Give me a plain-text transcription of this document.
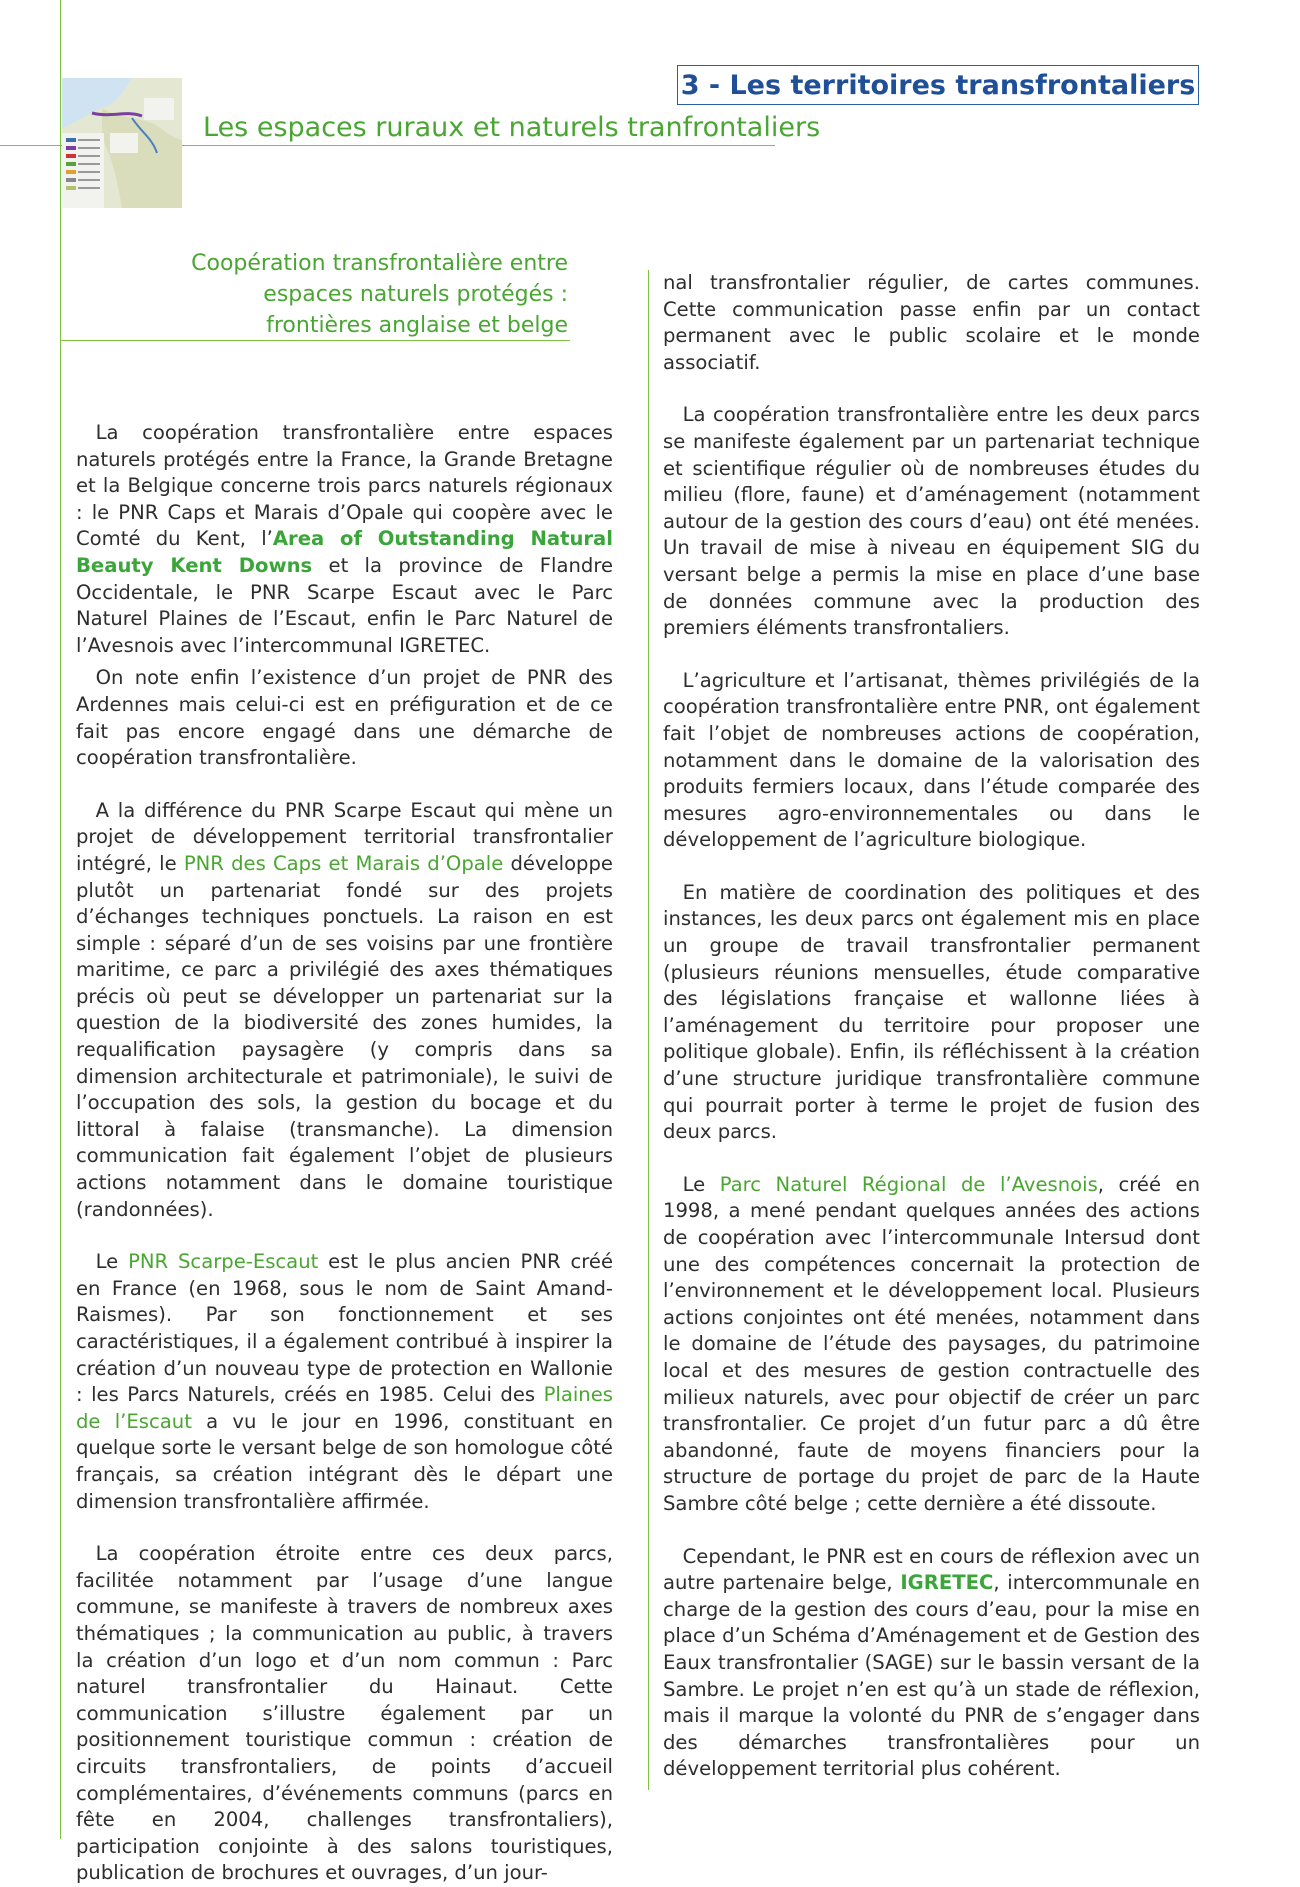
3 - Les territoires transfrontaliers
Les espaces ruraux et naturels tranfrontaliers
Coopération transfrontalière entre
espaces naturels protégés :
frontières anglaise et belge

La coopération transfrontalière entre espaces naturels protégés entre la France, la Grande Bretagne et la Belgique concerne trois parcs naturels régionaux : le PNR Caps et Marais d’Opale qui coopère avec le Comté du Kent, l’Area of Outstanding Natural Beauty Kent Downs et la province de Flandre Occidentale, le PNR Scarpe Escaut avec le Parc Naturel Plaines de l’Escaut, enfin le Parc Naturel de l’Avesnois avec l’intercommunal IGRETEC.

On note enfin l’existence d’un projet de PNR des Ardennes mais celui-ci est en préfiguration et de ce fait pas encore engagé dans une démarche de coopération transfrontalière.

A la différence du PNR Scarpe Escaut qui mène un projet de développement territorial transfrontalier intégré, le PNR des Caps et Marais d’Opale développe plutôt un partenariat fondé sur des projets d’échanges techniques ponctuels. La raison en est simple : séparé d’un de ses voisins par une frontière maritime, ce parc a privilégié des axes thématiques précis où peut se développer un partenariat sur la question de la biodiversité des zones humides, la requalification paysagère (y compris dans sa dimension architecturale et patrimoniale), le suivi de l’occupation des sols, la gestion du bocage et du littoral à falaise (transmanche). La dimension communication fait également l’objet de plusieurs actions notamment dans le domaine touristique (randonnées).

Le PNR Scarpe-Escaut est le plus ancien PNR créé en France (en 1968, sous le nom de Saint Amand-Raismes). Par son fonctionnement et ses caractéristiques, il a également contribué à inspirer la création d’un nouveau type de protection en Wallonie : les Parcs Naturels, créés en 1985. Celui des Plaines de l’Escaut a vu le jour en 1996, constituant en quelque sorte le versant belge de son homologue côté français, sa création intégrant dès le départ une dimension transfrontalière affirmée.

La coopération étroite entre ces deux parcs, facilitée notamment par l’usage d’une langue commune, se manifeste à travers de nombreux axes thématiques ; la communication au public, à travers la création d’un logo et d’un nom commun : Parc naturel transfrontalier du Hainaut. Cette communication s’illustre également par un positionnement touristique commun : création de circuits transfrontaliers, de points d’accueil complémentaires, d’événements communs (parcs en fête en 2004, challenges transfrontaliers), participation conjointe à des salons touristiques, publication de brochures et ouvrages, d’un jour-

nal transfrontalier régulier, de cartes communes. Cette communication passe enfin par un contact permanent avec le public scolaire et le monde associatif.

La coopération transfrontalière entre les deux parcs se manifeste également par un partenariat technique et scientifique régulier où de nombreuses études du milieu (flore, faune) et d’aménagement (notamment autour de la gestion des cours d’eau) ont été menées. Un travail de mise à niveau en équipement SIG du versant belge a permis la mise en place d’une base de données commune avec la production des premiers éléments transfrontaliers.

L’agriculture et l’artisanat, thèmes privilégiés de la coopération transfrontalière entre PNR, ont également fait l’objet de nombreuses actions de coopération, notamment dans le domaine de la valorisation des produits fermiers locaux, dans l’étude comparée des mesures agro-environnementales ou dans le développement de l’agriculture biologique.

En matière de coordination des politiques et des instances, les deux parcs ont également mis en place un groupe de travail transfrontalier permanent (plusieurs réunions mensuelles, étude comparative des législations française et wallonne liées à l’aménagement du territoire pour proposer une politique globale). Enfin, ils réfléchissent à la création d’une structure juridique transfrontalière commune qui pourrait porter à terme le projet de fusion des deux parcs.

Le Parc Naturel Régional de l’Avesnois, créé en 1998, a mené pendant quelques années des actions de coopération avec l’intercommunale Intersud dont une des compétences concernait la protection de l’environnement et le développement local. Plusieurs actions conjointes ont été menées, notamment dans le domaine de l’étude des paysages, du patrimoine local et des mesures de gestion contractuelle des milieux naturels, avec pour objectif de créer un parc transfrontalier. Ce projet d’un futur parc a dû être abandonné, faute de moyens financiers pour la structure de portage du projet de parc de la Haute Sambre côté belge ; cette dernière a été dissoute.

Cependant, le PNR est en cours de réflexion avec un autre partenaire belge, IGRETEC, intercommunale en charge de la gestion des cours d’eau, pour la mise en place d’un Schéma d’Aménagement et de Gestion des Eaux transfrontalier (SAGE) sur le bassin versant de la Sambre. Le projet n’en est qu’à un stade de réflexion, mais il marque la volonté du PNR de s’engager dans des démarches transfrontalières pour un développement territorial plus cohérent.
